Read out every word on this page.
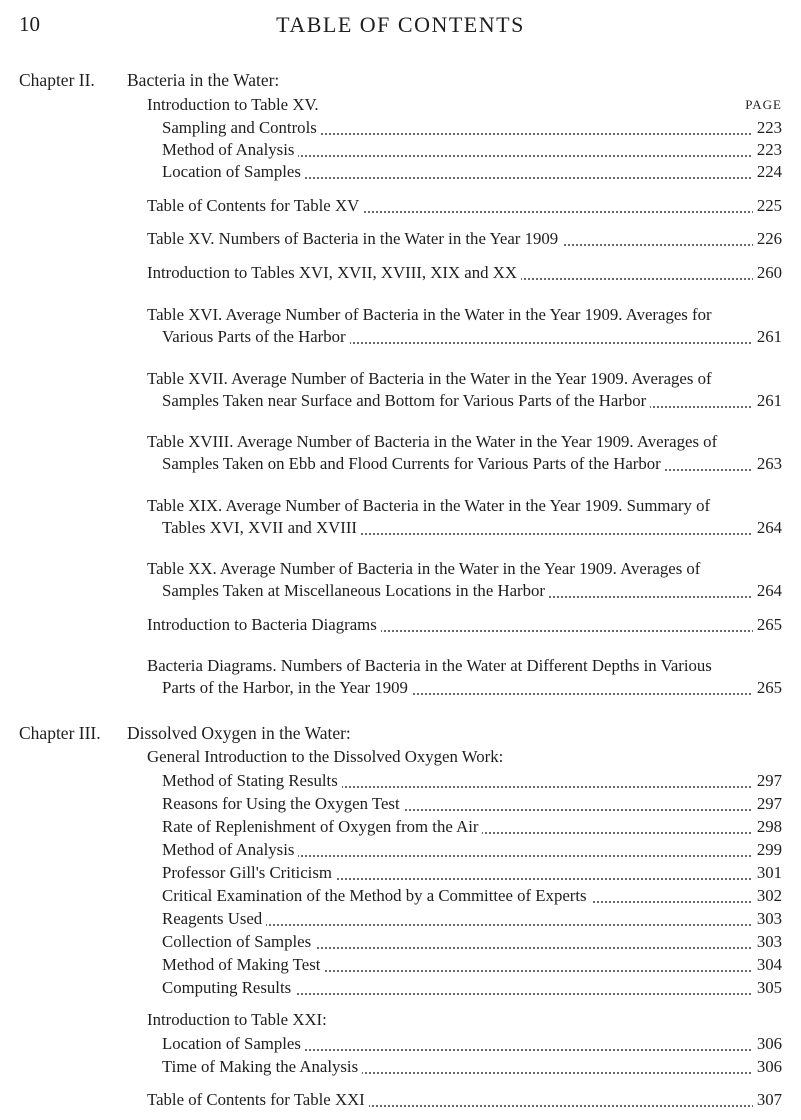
10	TABLE OF CONTENTS
Chapter II. Bacteria in the Water:
PAGE
Introduction to Table XV.
Sampling and Controls	223
Method of Analysis	223
Location of Samples	224
Table of Contents for Table XV	225
Table XV. Numbers of Bacteria in the Water in the Year 1909	226
Introduction to Tables XVI, XVII, XVIII, XIX and XX	260
Table XVI. Average Number of Bacteria in the Water in the Year 1909. Averages for
Various Parts of the Harbor	261
Table XVII. Average Number of Bacteria in the Water in the Year 1909. Averages of
Samples Taken near Surface and Bottom for Various Parts of the Harbor	261
Table XVIII. Average Number of Bacteria in the Water in the Year 1909. Averages of
Samples Taken on Ebb and Flood Currents for Various Parts of the Harbor	263
Table XIX. Average Number of Bacteria in the Water in the Year 1909. Summary of
Tables XVI, XVII and XVIII	264
Table XX. Average Number of Bacteria in the Water in the Year 1909. Averages of
Samples Taken at Miscellaneous Locations in the Harbor	264
Introduction to Bacteria Diagrams	265
Bacteria Diagrams. Numbers of Bacteria in the Water at Different Depths in Various
Parts of the Harbor, in the Year 1909	265
Chapter III. Dissolved Oxygen in the Water:
General Introduction to the Dissolved Oxygen Work:
Method of Stating Results	297
Reasons for Using the Oxygen Test	297
Rate of Replenishment of Oxygen from the Air	298
Method of Analysis	299
Professor Gill's Criticism	301
Critical Examination of the Method by a Committee of Experts	302
Reagents Used	303
Collection of Samples	303
Method of Making Test	304
Computing Results	305
Introduction to Table XXI:
Location of Samples	306
Time of Making the Analysis	306
Table of Contents for Table XXI	307
